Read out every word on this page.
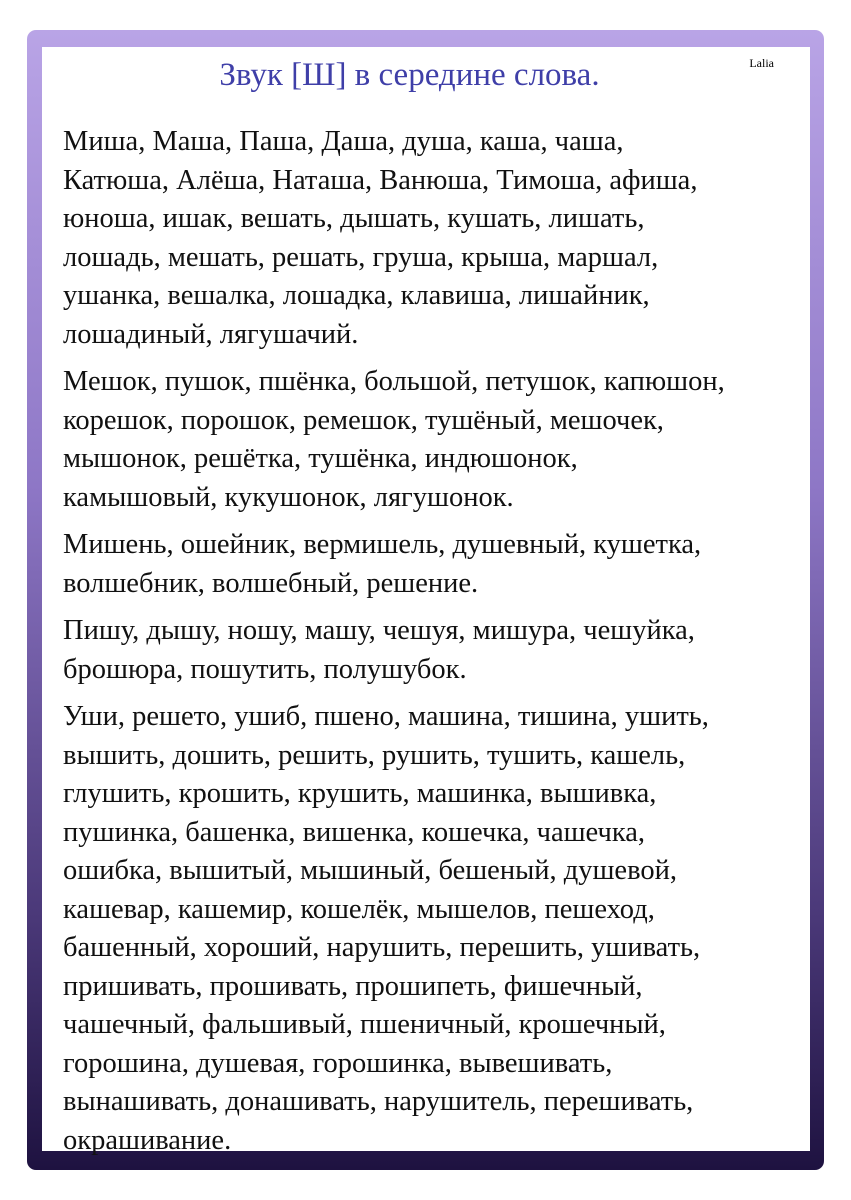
Звук [Ш] в середине слова.	Lalia

Миша, Маша, Паша, Даша, душа, каша, чаша,
Катюша, Алёша, Наташа, Ванюша, Тимоша, афиша,
юноша, ишак, вешать, дышать, кушать, лишать,
лошадь, мешать, решать, груша, крыша, маршал,
ушанка, вешалка, лошадка, клавиша, лишайник,
лошадиный, лягушачий.

Мешок, пушок, пшёнка, большой, петушок, капюшон,
корешок, порошок, ремешок, тушёный, мешочек,
мышонок, решётка, тушёнка, индюшонок,
камышовый, кукушонок, лягушонок.

Мишень, ошейник, вермишель, душевный, кушетка,
волшебник, волшебный, решение.

Пишу, дышу, ношу, машу, чешуя, мишура, чешуйка,
брошюра, пошутить, полушубок.

Уши, решето, ушиб, пшено, машина, тишина, ушить,
вышить, дошить, решить, рушить, тушить, кашель,
глушить, крошить, крушить, машинка, вышивка,
пушинка, башенка, вишенка, кошечка, чашечка,
ошибка, вышитый, мышиный, бешеный, душевой,
кашевар, кашемир, кошелёк, мышелов, пешеход,
башенный, хороший, нарушить, перешить, ушивать,
пришивать, прошивать, прошипеть, фишечный,
чашечный, фальшивый, пшеничный, крошечный,
горошина, душевая, горошинка, вывешивать,
вынашивать, донашивать, нарушитель, перешивать,
окрашивание.
